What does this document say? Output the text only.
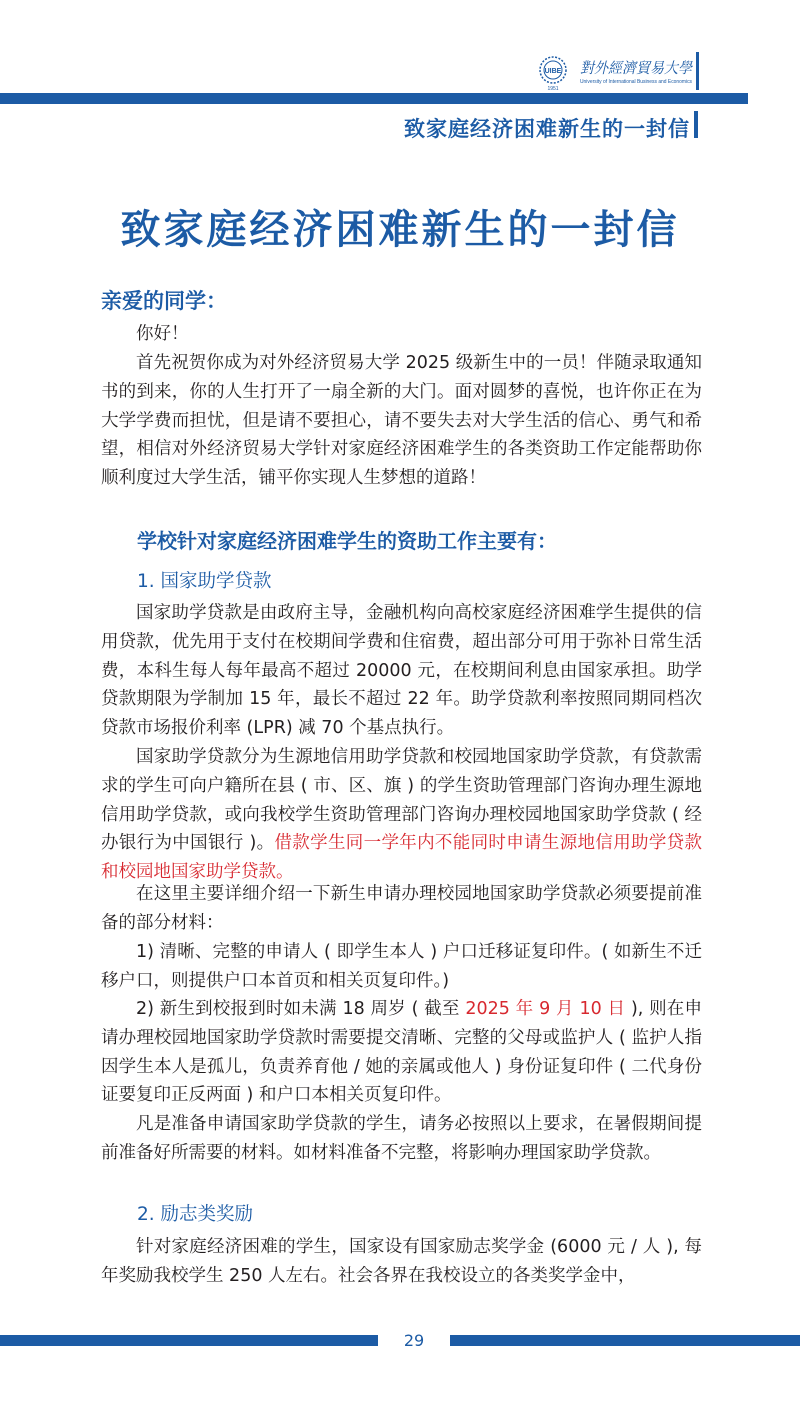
UIBE
1951
對外經濟貿易大學
University of International Business and Economics
致家庭经济困难新生的一封信
致家庭经济困难新生的一封信

亲爱的同学：

你好！

首先祝贺你成为对外经济贸易大学 2025 级新生中的一员！伴随录取通知书的到来，你的人生打开了一扇全新的大门。面对圆梦的喜悦，也许你正在为大学学费而担忧，但是请不要担心，请不要失去对大学生活的信心、勇气和希望，相信对外经济贸易大学针对家庭经济困难学生的各类资助工作定能帮助你顺利度过大学生活，铺平你实现人生梦想的道路！

学校针对家庭经济困难学生的资助工作主要有：

1. 国家助学贷款

国家助学贷款是由政府主导，金融机构向高校家庭经济困难学生提供的信用贷款，优先用于支付在校期间学费和住宿费，超出部分可用于弥补日常生活费，本科生每人每年最高不超过 20000 元，在校期间利息由国家承担。助学贷款期限为学制加 15 年，最长不超过 22 年。助学贷款利率按照同期同档次贷款市场报价利率 (LPR) 减 70 个基点执行。

国家助学贷款分为生源地信用助学贷款和校园地国家助学贷款，有贷款需求的学生可向户籍所在县 ( 市、区、旗 ) 的学生资助管理部门咨询办理生源地信用助学贷款，或向我校学生资助管理部门咨询办理校园地国家助学贷款 ( 经办银行为中国银行 )。借款学生同一学年内不能同时申请生源地信用助学贷款和校园地国家助学贷款。

在这里主要详细介绍一下新生申请办理校园地国家助学贷款必须要提前准备的部分材料：

1) 清晰、完整的申请人 ( 即学生本人 ) 户口迁移证复印件。( 如新生不迁移户口，则提供户口本首页和相关页复印件。)

2) 新生到校报到时如未满 18 周岁 ( 截至 2025 年 9 月 10 日 ), 则在申请办理校园地国家助学贷款时需要提交清晰、完整的父母或监护人 ( 监护人指因学生本人是孤儿，负责养育他 / 她的亲属或他人 ) 身份证复印件 ( 二代身份证要复印正反两面 ) 和户口本相关页复印件。

凡是准备申请国家助学贷款的学生，请务必按照以上要求，在暑假期间提前准备好所需要的材料。如材料准备不完整，将影响办理国家助学贷款。

2. 励志类奖励

针对家庭经济困难的学生，国家设有国家励志奖学金 (6000 元 / 人 ), 每年奖励我校学生 250 人左右。社会各界在我校设立的各类奖学金中，

29
